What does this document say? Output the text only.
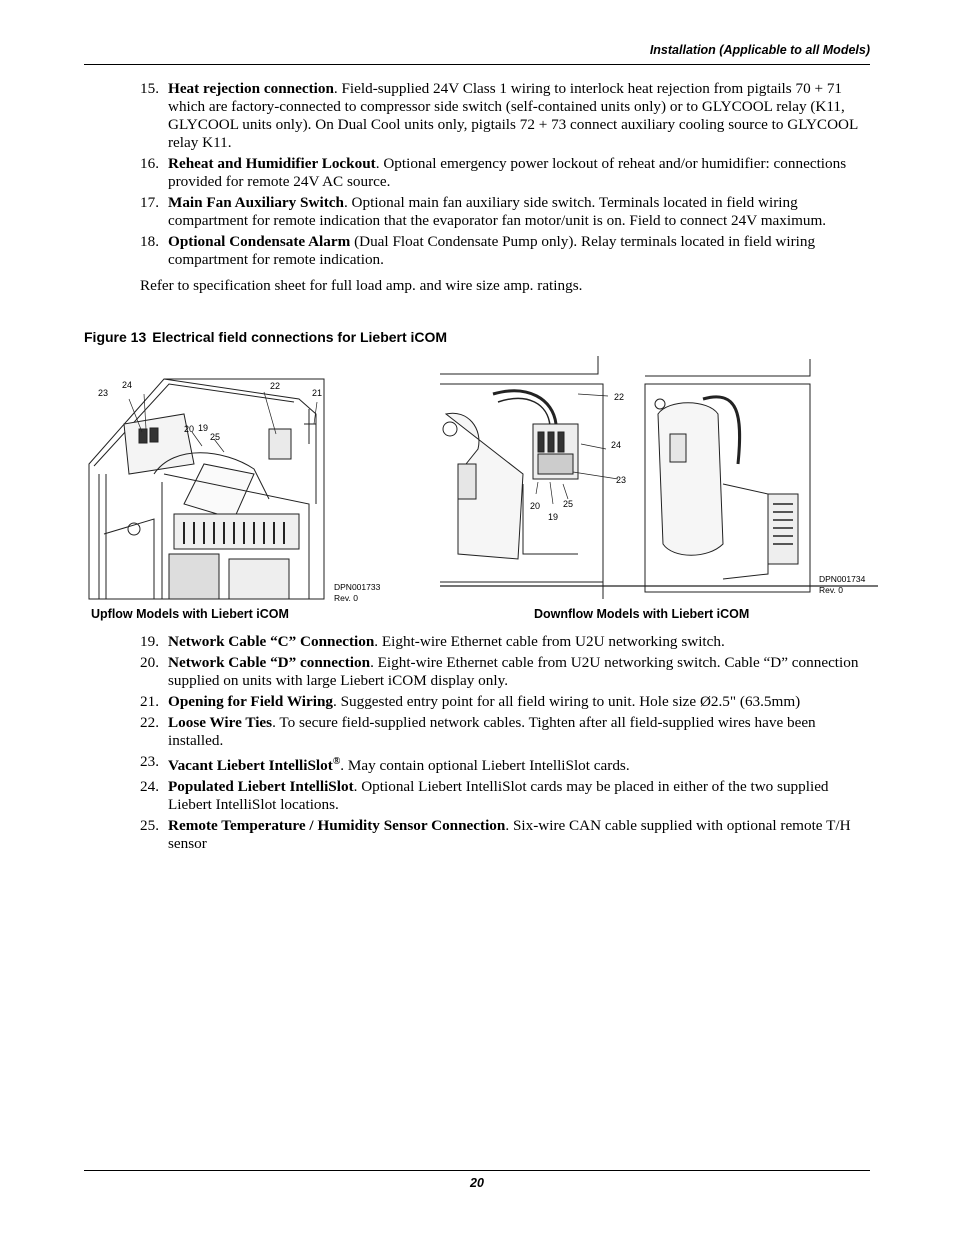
Installation (Applicable to all Models)
15. Heat rejection connection. Field-supplied 24V Class 1 wiring to interlock heat rejection from pigtails 70 + 71 which are factory-connected to compressor side switch (self-contained units only) or to GLYCOOL relay (K11, GLYCOOL units only). On Dual Cool units only, pigtails 72 + 73 connect auxiliary cooling source to GLYCOOL relay K11.
16. Reheat and Humidifier Lockout. Optional emergency power lockout of reheat and/or humidifier: connections provided for remote 24V AC source.
17. Main Fan Auxiliary Switch. Optional main fan auxiliary side switch. Terminals located in field wiring compartment for remote indication that the evaporator fan motor/unit is on. Field to connect 24V maximum.
18. Optional Condensate Alarm (Dual Float Condensate Pump only). Relay terminals located in field wiring compartment for remote indication.
Refer to specification sheet for full load amp. and wire size amp. ratings.
Figure 13 Electrical field connections for Liebert iCOM
23
24	22
21
20 19
25
DPN001733
Rev. 0
22
24
23
20	25
19
DPN001734
Rev. 0
Upflow Models with Liebert iCOM	Downflow Models with Liebert iCOM
19. Network Cable “C” Connection. Eight-wire Ethernet cable from U2U networking switch.
20. Network Cable “D” connection. Eight-wire Ethernet cable from U2U networking switch. Cable “D” connection supplied on units with large Liebert iCOM display only.
21. Opening for Field Wiring. Suggested entry point for all field wiring to unit. Hole size Ø2.5" (63.5mm)
22. Loose Wire Ties. To secure field-supplied network cables. Tighten after all field-supplied wires have been installed.
23. Vacant Liebert IntelliSlot®. May contain optional Liebert IntelliSlot cards.
24. Populated Liebert IntelliSlot. Optional Liebert IntelliSlot cards may be placed in either of the two supplied Liebert IntelliSlot locations.
25. Remote Temperature / Humidity Sensor Connection. Six-wire CAN cable supplied with optional remote T/H sensor
20
